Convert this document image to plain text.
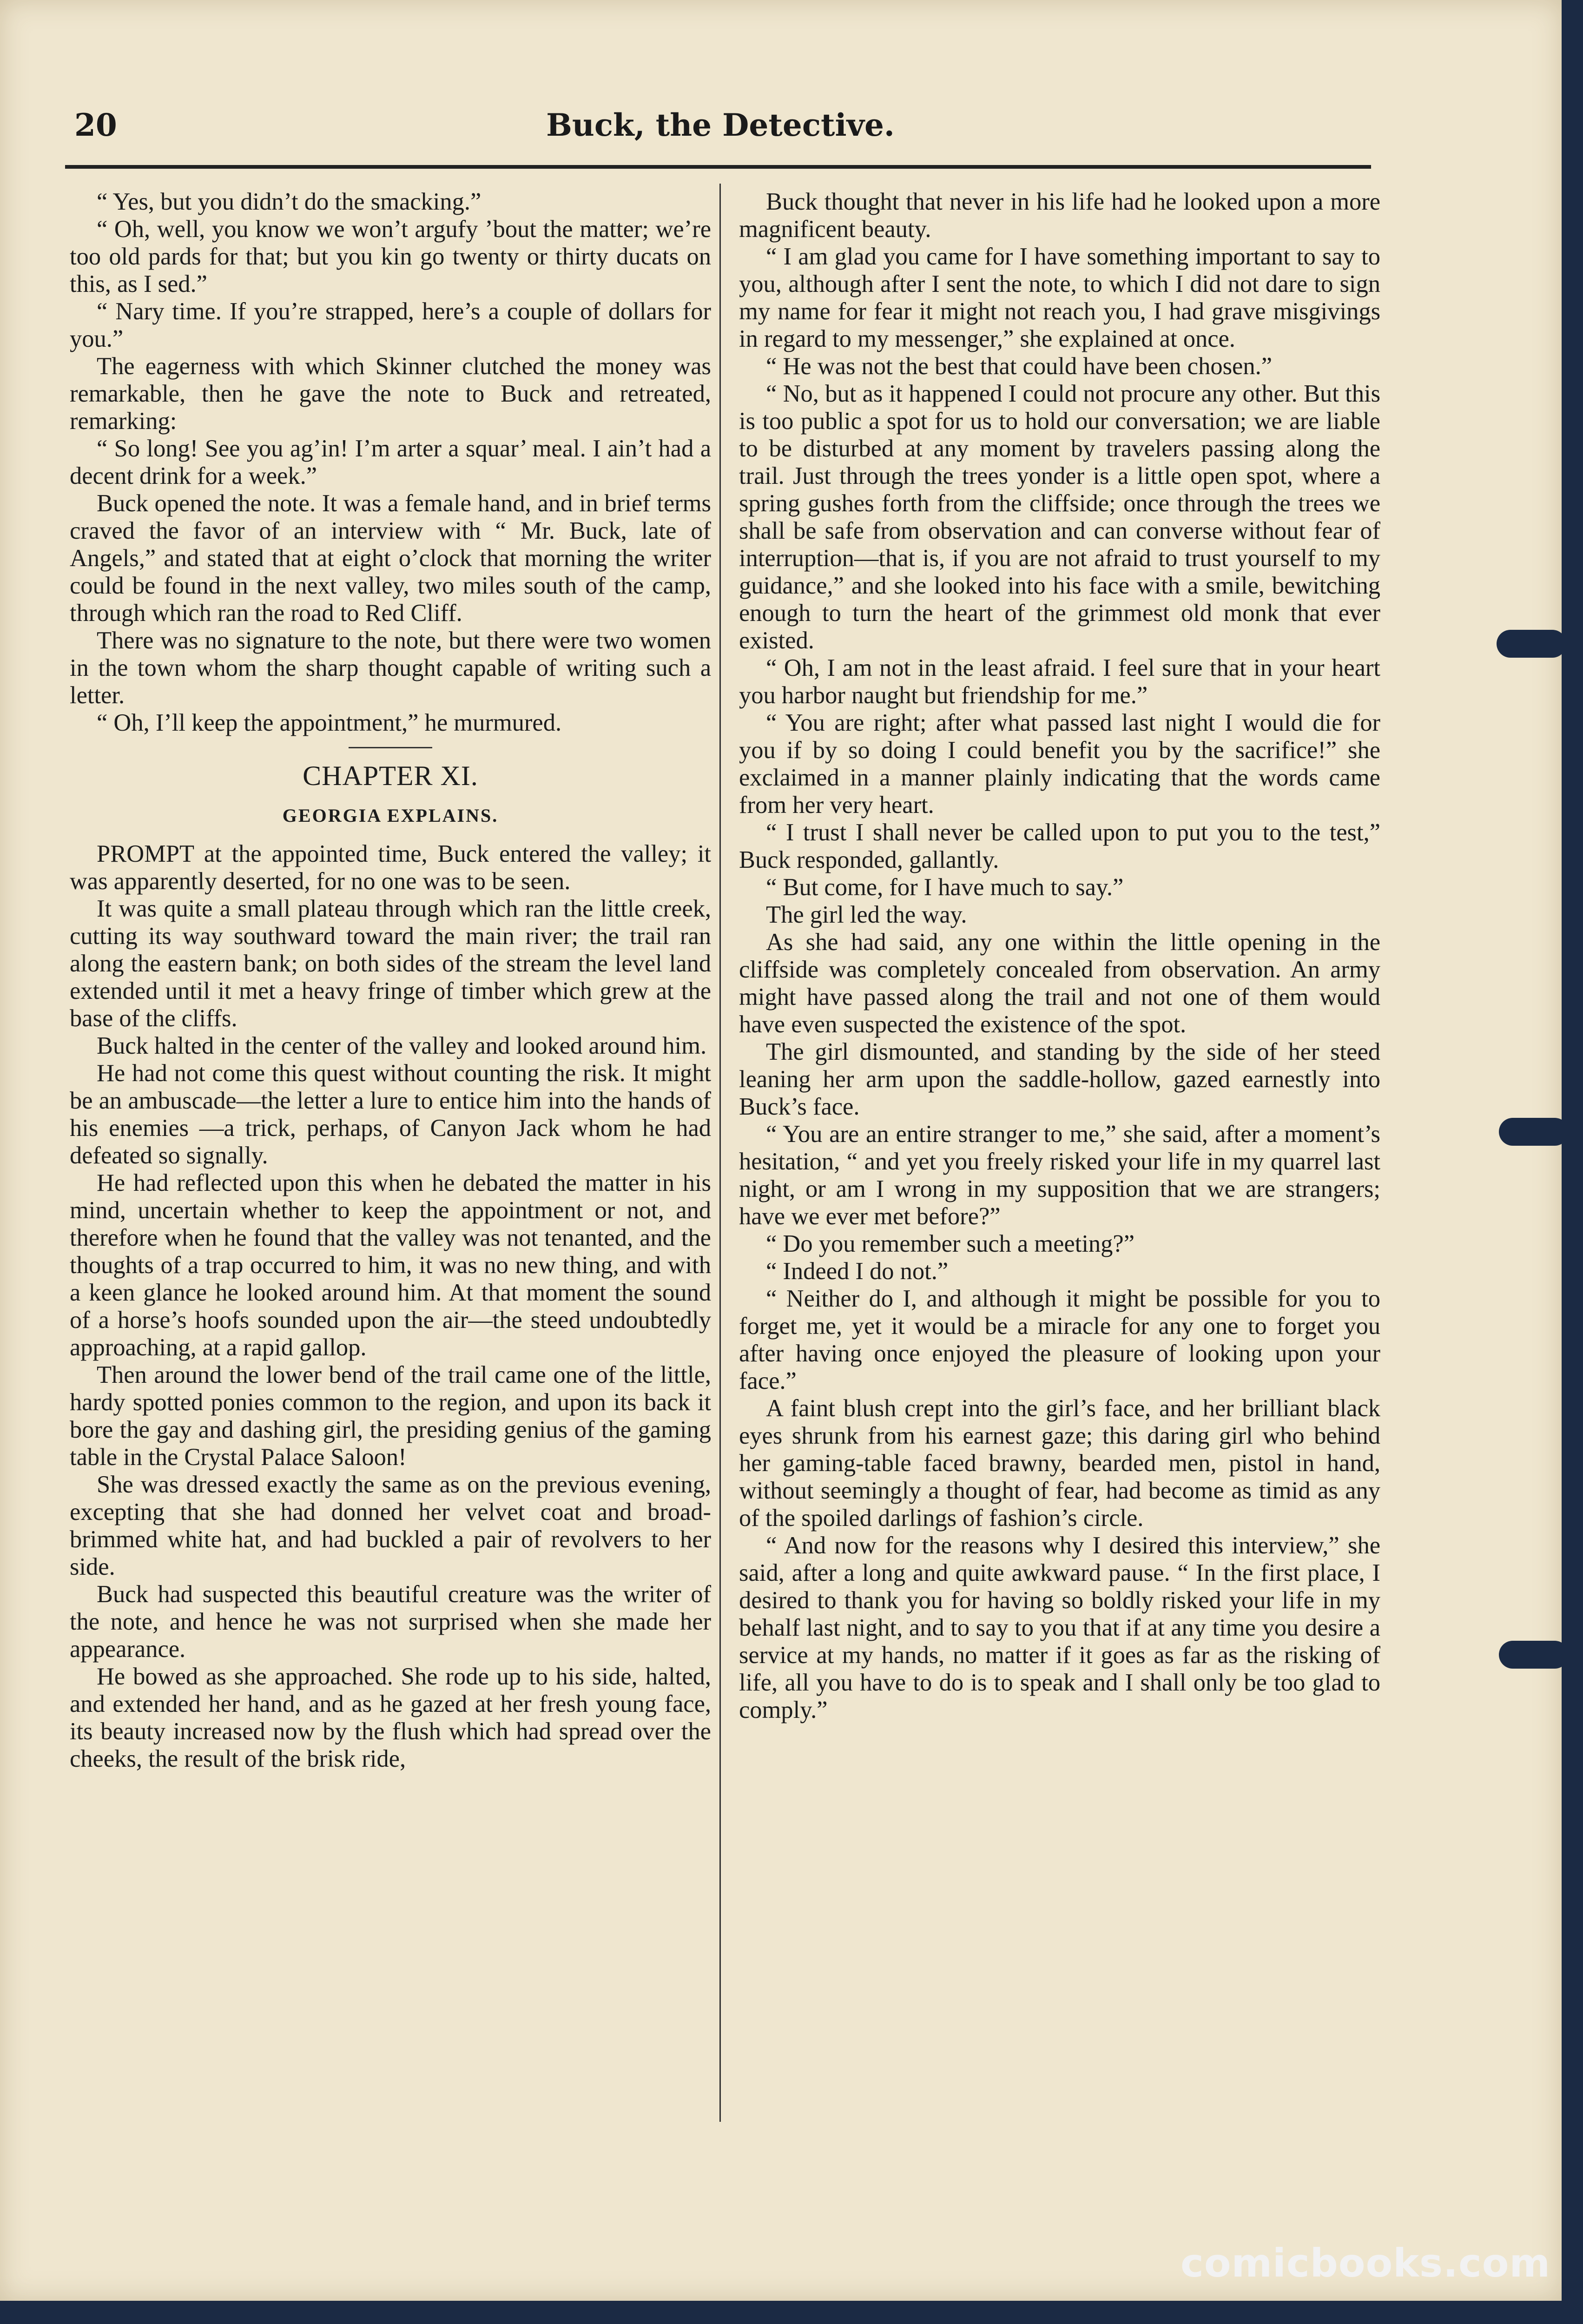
20	Buck, the Detective.

“ Yes, but you didn’t do the smacking.”

“ Oh, well, you know we won’t argufy ’bout the matter; we’re too old pards for that; but you kin go twenty or thirty ducats on this, as I sed.”

“ Nary time. If you’re strapped, here’s a couple of dollars for you.”

The eagerness with which Skinner clutched the money was remarkable, then he gave the note to Buck and retreated, remarking:

“ So long! See you ag’in! I’m arter a squar’ meal. I ain’t had a decent drink for a week.”

Buck opened the note. It was a female hand, and in brief terms craved the favor of an interview with “ Mr. Buck, late of Angels,” and stated that at eight o’clock that morning the writer could be found in the next valley, two miles south of the camp, through which ran the road to Red Cliff.

There was no signature to the note, but there were two women in the town whom the sharp thought capable of writing such a letter.

“ Oh, I’ll keep the appointment,” he murmured.

CHAPTER XI.

GEORGIA EXPLAINS.

PROMPT at the appointed time, Buck entered the valley; it was apparently deserted, for no one was to be seen.

It was quite a small plateau through which ran the little creek, cutting its way southward toward the main river; the trail ran along the eastern bank; on both sides of the stream the level land extended until it met a heavy fringe of timber which grew at the base of the cliffs.

Buck halted in the center of the valley and looked around him.

He had not come this quest without counting the risk. It might be an ambuscade—the letter a lure to entice him into the hands of his enemies —a trick, perhaps, of Canyon Jack whom he had defeated so signally.

He had reflected upon this when he debated the matter in his mind, uncertain whether to keep the appointment or not, and therefore when he found that the valley was not tenanted, and the thoughts of a trap occurred to him, it was no new thing, and with a keen glance he looked around him. At that moment the sound of a horse’s hoofs sounded upon the air—the steed undoubtedly approaching, at a rapid gallop.

Then around the lower bend of the trail came one of the little, hardy spotted ponies common to the region, and upon its back it bore the gay and dashing girl, the presiding genius of the gaming table in the Crystal Palace Saloon!

She was dressed exactly the same as on the previous evening, excepting that she had donned her velvet coat and broad-brimmed white hat, and had buckled a pair of revolvers to her side.

Buck had suspected this beautiful creature was the writer of the note, and hence he was not surprised when she made her appearance.

He bowed as she approached. She rode up to his side, halted, and extended her hand, and as he gazed at her fresh young face, its beauty increased now by the flush which had spread over the cheeks, the result of the brisk ride,

Buck thought that never in his life had he looked upon a more magnificent beauty.

“ I am glad you came for I have something important to say to you, although after I sent the note, to which I did not dare to sign my name for fear it might not reach you, I had grave misgivings in regard to my messenger,” she explained at once.

“ He was not the best that could have been chosen.”

“ No, but as it happened I could not procure any other. But this is too public a spot for us to hold our conversation; we are liable to be disturbed at any moment by travelers passing along the trail. Just through the trees yonder is a little open spot, where a spring gushes forth from the cliffside; once through the trees we shall be safe from observation and can converse without fear of interruption—that is, if you are not afraid to trust yourself to my guidance,” and she looked into his face with a smile, bewitching enough to turn the heart of the grimmest old monk that ever existed.

“ Oh, I am not in the least afraid. I feel sure that in your heart you harbor naught but friendship for me.”

“ You are right; after what passed last night I would die for you if by so doing I could benefit you by the sacrifice!” she exclaimed in a manner plainly indicating that the words came from her very heart.

“ I trust I shall never be called upon to put you to the test,” Buck responded, gallantly.

“ But come, for I have much to say.”

The girl led the way.

As she had said, any one within the little opening in the cliffside was completely concealed from observation. An army might have passed along the trail and not one of them would have even suspected the existence of the spot.

The girl dismounted, and standing by the side of her steed leaning her arm upon the saddle-hollow, gazed earnestly into Buck’s face.

“ You are an entire stranger to me,” she said, after a moment’s hesitation, “ and yet you freely risked your life in my quarrel last night, or am I wrong in my supposition that we are strangers; have we ever met before?”

“ Do you remember such a meeting?”

“ Indeed I do not.”

“ Neither do I, and although it might be possible for you to forget me, yet it would be a miracle for any one to forget you after having once enjoyed the pleasure of looking upon your face.”

A faint blush crept into the girl’s face, and her brilliant black eyes shrunk from his earnest gaze; this daring girl who behind her gaming-table faced brawny, bearded men, pistol in hand, without seemingly a thought of fear, had become as timid as any of the spoiled darlings of fashion’s circle.

“ And now for the reasons why I desired this interview,” she said, after a long and quite awkward pause. “ In the first place, I desired to thank you for having so boldly risked your life in my behalf last night, and to say to you that if at any time you desire a service at my hands, no matter if it goes as far as the risking of life, all you have to do is to speak and I shall only be too glad to comply.”

comicbooks.com
